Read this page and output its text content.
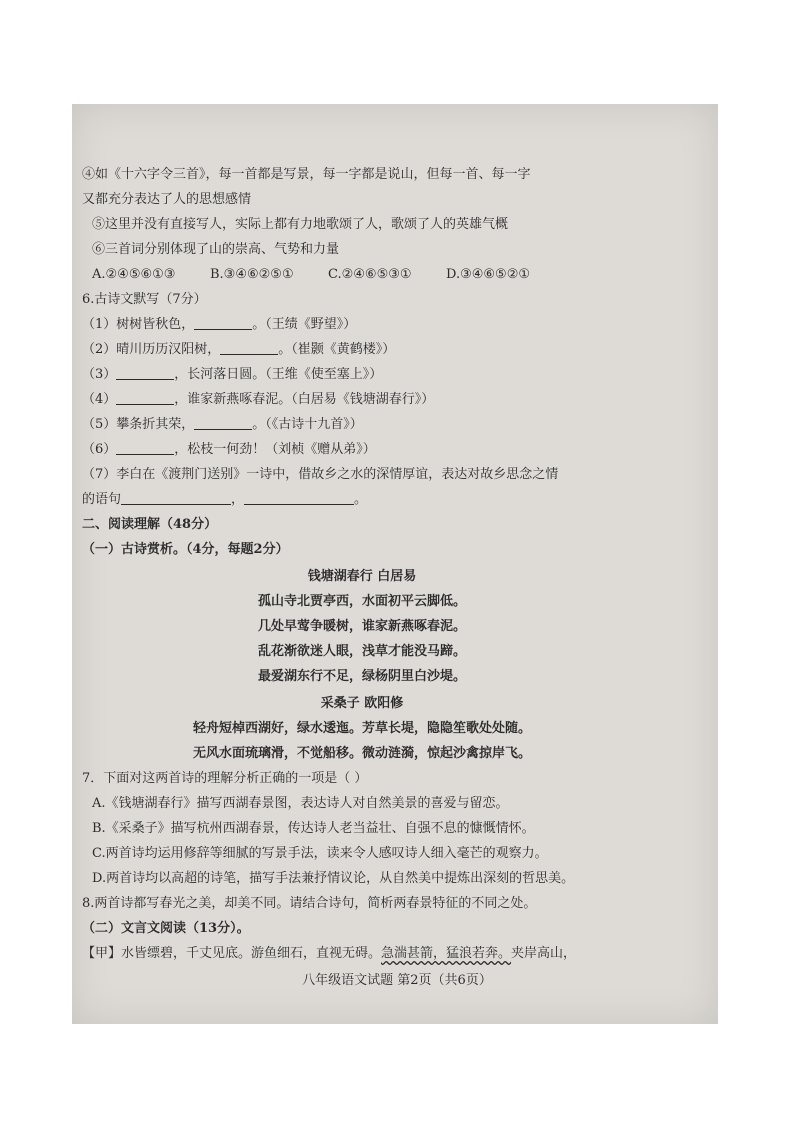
④如《十六字令三首》，每一首都是写景，每一字都是说山，但每一首、每一字
又都充分表达了人的思想感情
⑤这里并没有直接写人，实际上都有力地歌颂了人，歌颂了人的英雄气概
⑥三首词分别体现了山的崇高、气势和力量
A.②④⑤⑥①③	B.③④⑥②⑤①	C.②④⑥⑤③①	D.③④⑥⑤②①
6.古诗文默写（7分）
（1）树树皆秋色，	。（王绩《野望》）
（2）晴川历历汉阳树，	。（崔颢《黄鹤楼》）
（3）	，长河落日圆。（王维《使至塞上》）
（4）	，谁家新燕啄春泥。（白居易《钱塘湖春行》）
（5）攀条折其荣，	。（《古诗十九首》）
（6）	，松枝一何劲！（刘桢《赠从弟》）
（7）李白在《渡荆门送别》一诗中，借故乡之水的深情厚谊，表达对故乡思念之情
的语句	，	。
二、阅读理解（48分）
（一）古诗赏析。（4分，每题2分）
钱塘湖春行 白居易
孤山寺北贾亭西，水面初平云脚低。
几处早莺争暖树，谁家新燕啄春泥。
乱花渐欲迷人眼，浅草才能没马蹄。
最爱湖东行不足，绿杨阴里白沙堤。
采桑子 欧阳修
轻舟短棹西湖好，绿水逶迤。芳草长堤，隐隐笙歌处处随。
无风水面琉璃滑，不觉船移。微动涟漪，惊起沙禽掠岸飞。
7．下面对这两首诗的理解分析正确的一项是（ ）
A.《钱塘湖春行》描写西湖春景图，表达诗人对自然美景的喜爱与留恋。
B.《采桑子》描写杭州西湖春景，传达诗人老当益壮、自强不息的慷慨情怀。
C.两首诗均运用修辞等细腻的写景手法，读来令人感叹诗人细入毫芒的观察力。
D.两首诗均以高超的诗笔，描写手法兼抒情议论，从自然美中提炼出深刻的哲思美。
8.两首诗都写春光之美，却美不同。请结合诗句，简析两春景特征的不同之处。
（二）文言文阅读（13分）。
【甲】水皆缥碧，千丈见底。游鱼细石，直视无碍。急湍甚箭，猛浪若奔。夹岸高山，
八年级语文试题 第2页（共6页）
